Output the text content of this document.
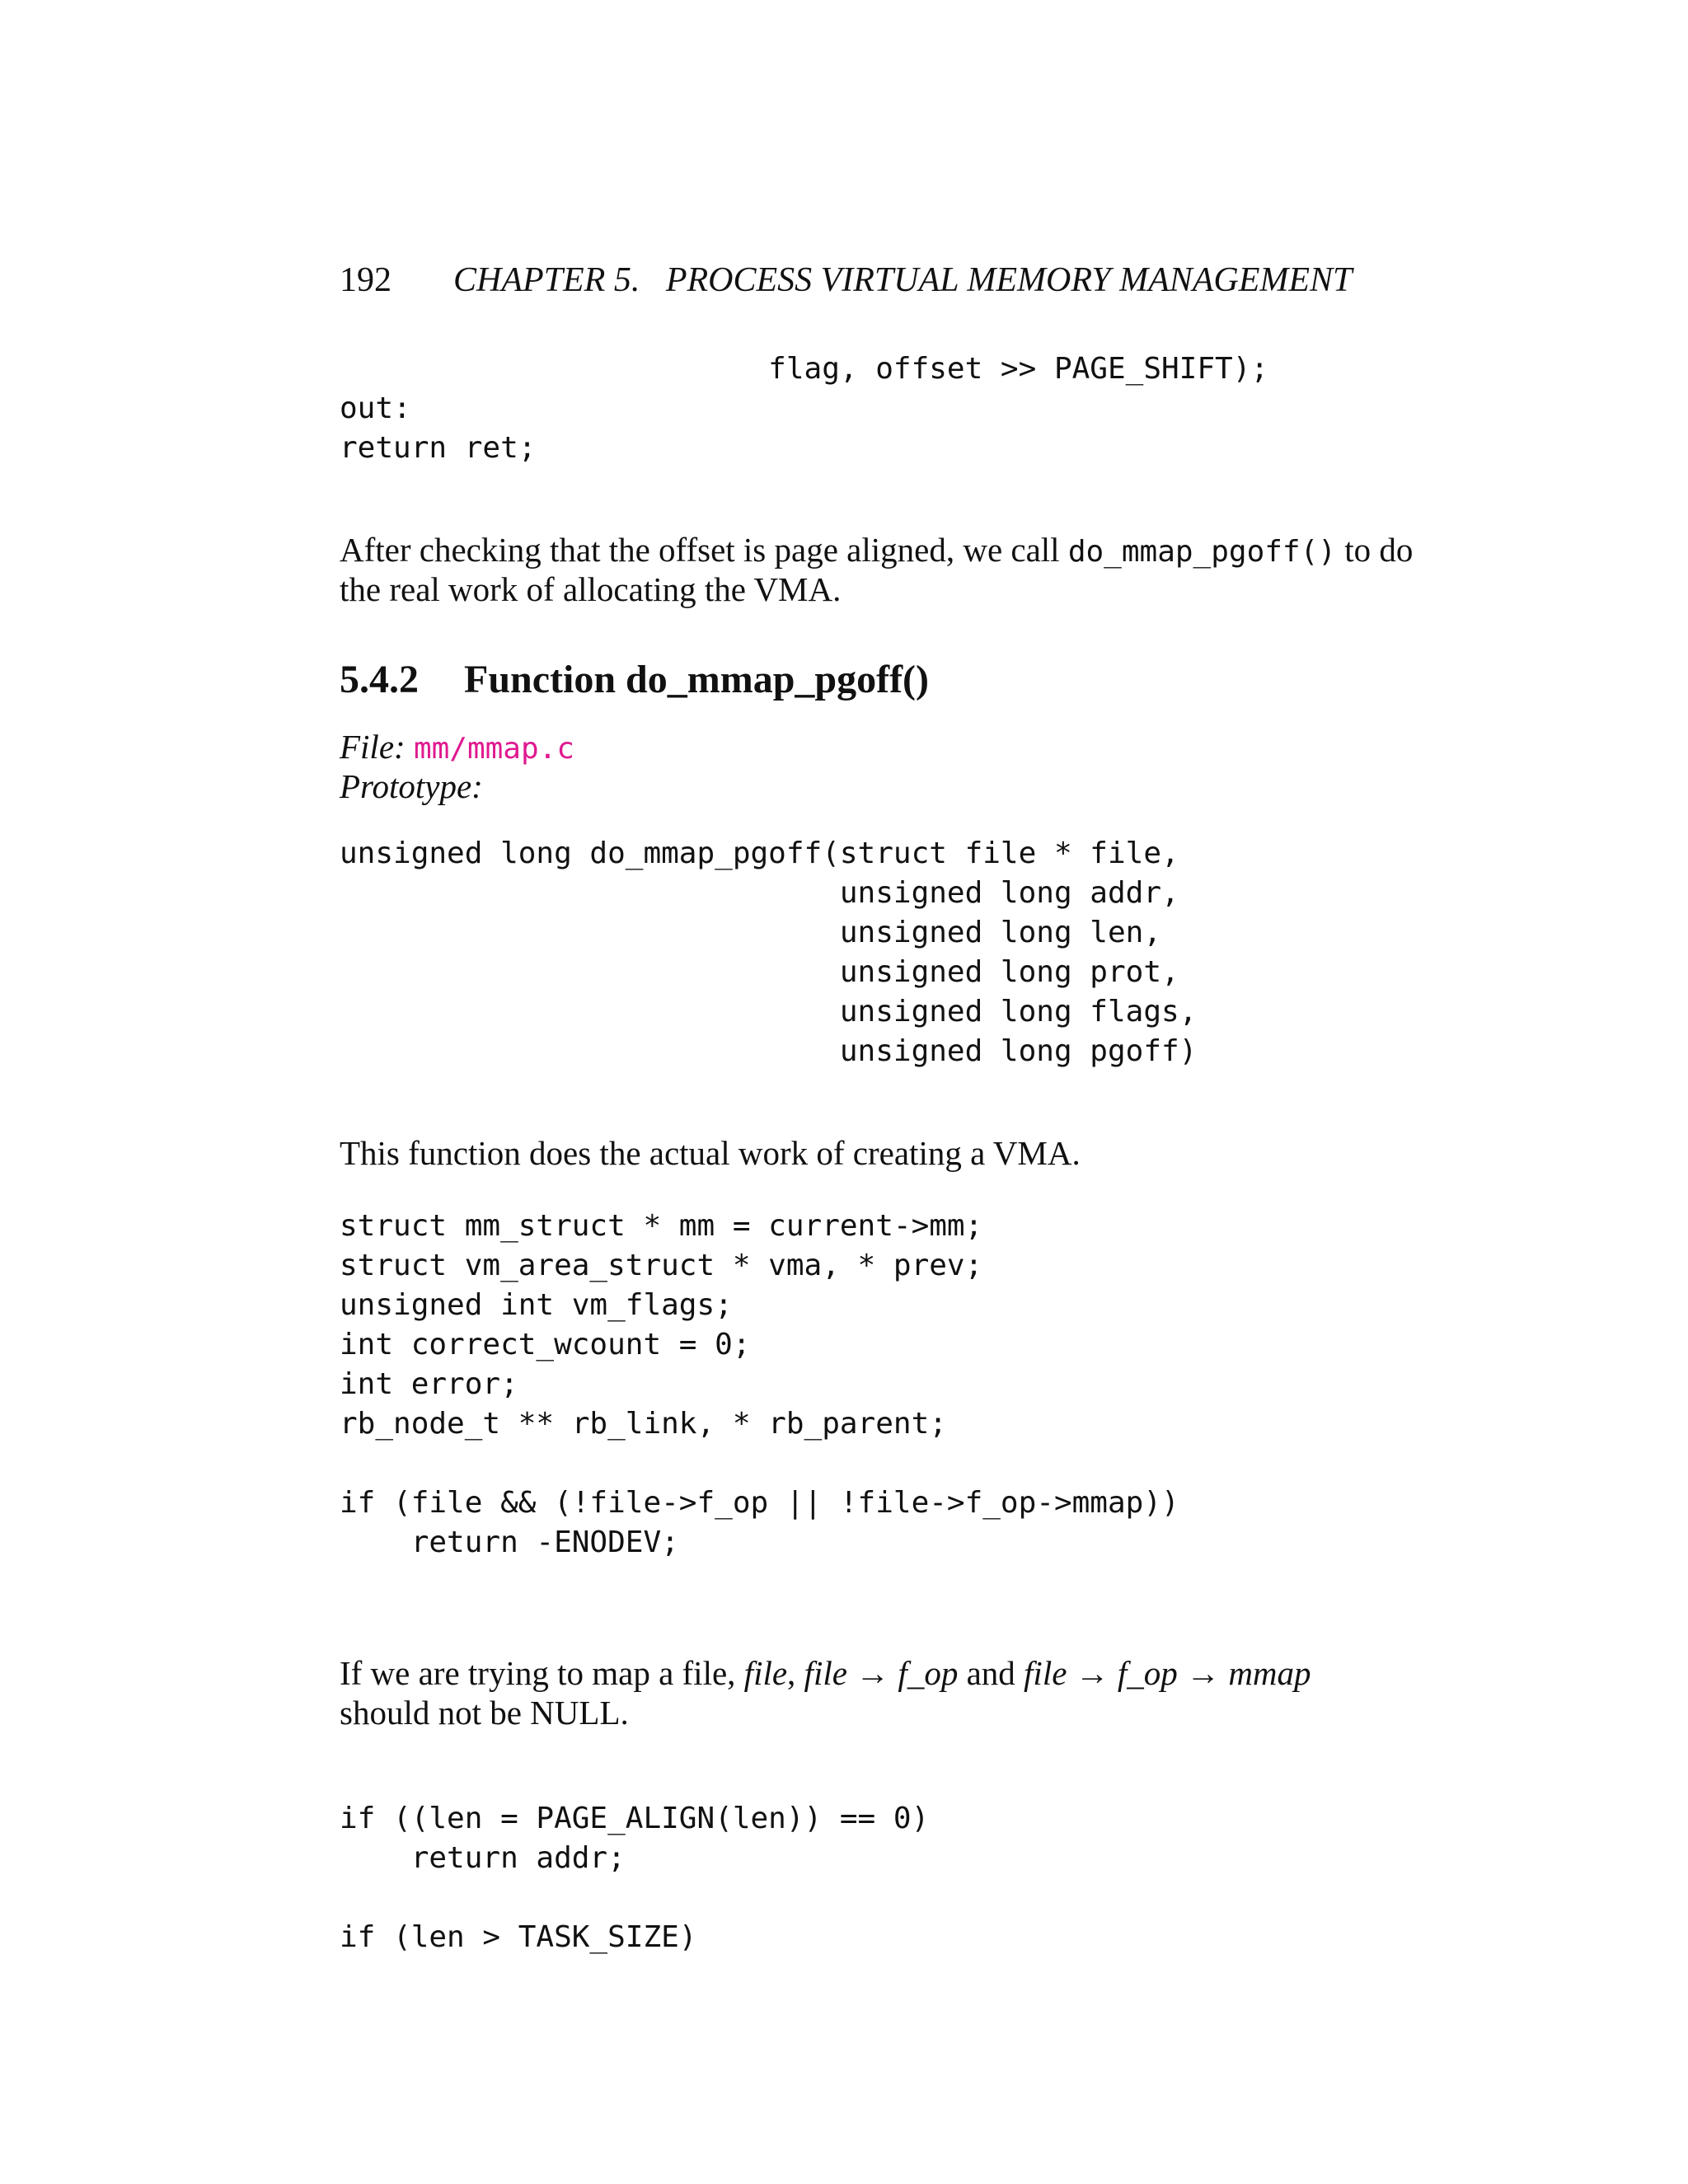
192 CHAPTER 5.   PROCESS VIRTUAL MEMORY MANAGEMENT
flag, offset >> PAGE_SHIFT);
out:
return ret;
After checking that the offset is page aligned, we call do_mmap_pgoff() to do
the real work of allocating the VMA.
5.4.2 Function do_mmap_pgoff()
File: mm/mmap.c
Prototype:
unsigned long do_mmap_pgoff(struct file * file,
unsigned long addr,
unsigned long len,
unsigned long prot,
unsigned long flags,
unsigned long pgoff)
This function does the actual work of creating a VMA.
struct mm_struct * mm = current->mm;
struct vm_area_struct * vma, * prev;
unsigned int vm_flags;
int correct_wcount = 0;
int error;
rb_node_t ** rb_link, * rb_parent;
if (file && (!file->f_op || !file->f_op->mmap))
return -ENODEV;
If we are trying to map a file, file, file → f_op and file → f_op → mmap
should not be NULL.
if ((len = PAGE_ALIGN(len)) == 0)
return addr;
if (len > TASK_SIZE)
